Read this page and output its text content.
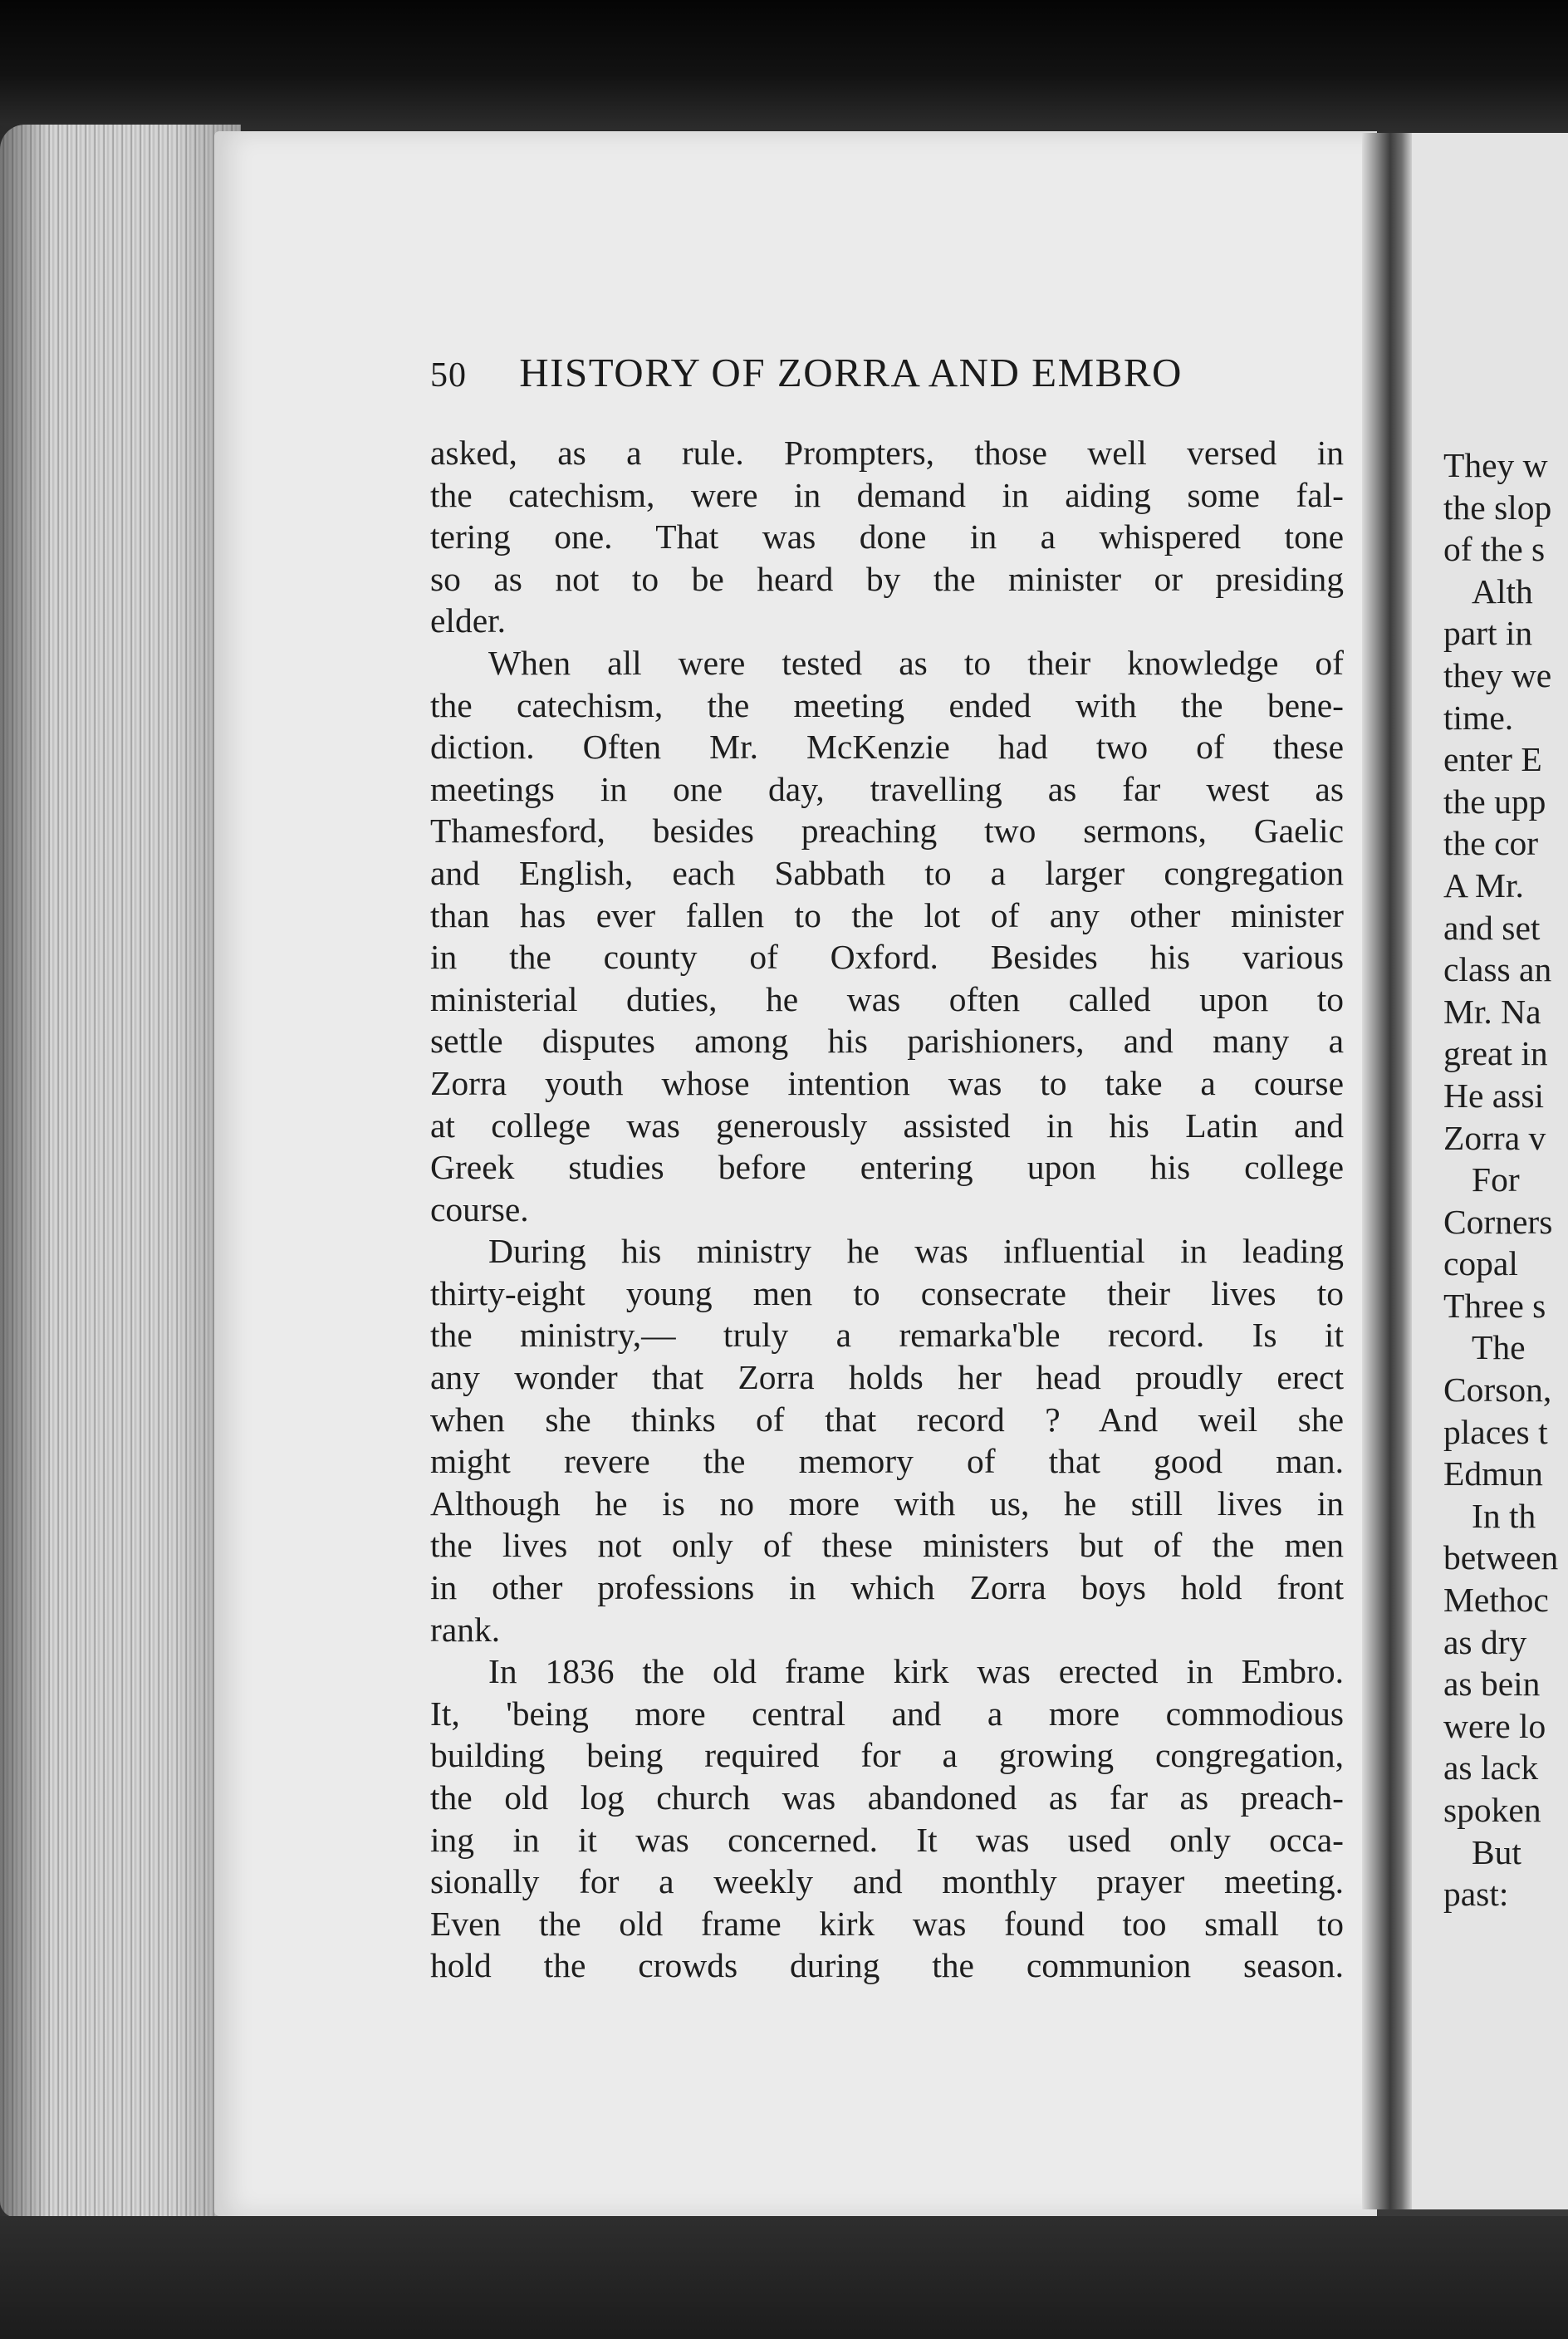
50 HISTORY OF ZORRA AND EMBRO
asked, as a rule. Prompters, those well versed in
the catechism, were in demand in aiding some fal-
tering one. That was done in a whispered tone
so as not to be heard by the minister or presiding
elder.
When all were tested as to their knowledge of
the catechism, the meeting ended with the bene-
diction. Often Mr. McKenzie had two of these
meetings in one day, travelling as far west as
Thamesford, besides preaching two sermons, Gaelic
and English, each Sabbath to a larger congregation
than has ever fallen to the lot of any other minister
in the county of Oxford. Besides his various
ministerial duties, he was often called upon to
settle disputes among his parishioners, and many a
Zorra youth whose intention was to take a course
at college was generously assisted in his Latin and
Greek studies before entering upon his college
course.
During his ministry he was influential in leading
thirty-eight young men to consecrate their lives to
the ministry,— truly a remarka'ble record. Is it
any wonder that Zorra holds her head proudly erect
when she thinks of that record ? And weil she
might revere the memory of that good man.
Although he is no more with us, he still lives in
the lives not only of these ministers but of the men
in other professions in which Zorra boys hold front
rank.
In 1836 the old frame kirk was erected in Embro.
It, 'being more central and a more commodious
building being required for a growing congregation,
the old log church was abandoned as far as preach-
ing in it was concerned. It was used only occa-
sionally for a weekly and monthly prayer meeting.
Even the old frame kirk was found too small to
hold the crowds during the communion season.
They w
the slop
of the s
Alth
part in
they we
time.
enter E
the upp
the cor
A Mr.
and set
class an
Mr. Na
great in
He assi
Zorra v
For
Corners
copal
Three s
The
Corson,
places t
Edmun
In th
between
Methoc
as dry
as bein
were lo
as lack
spoken
But
past:
